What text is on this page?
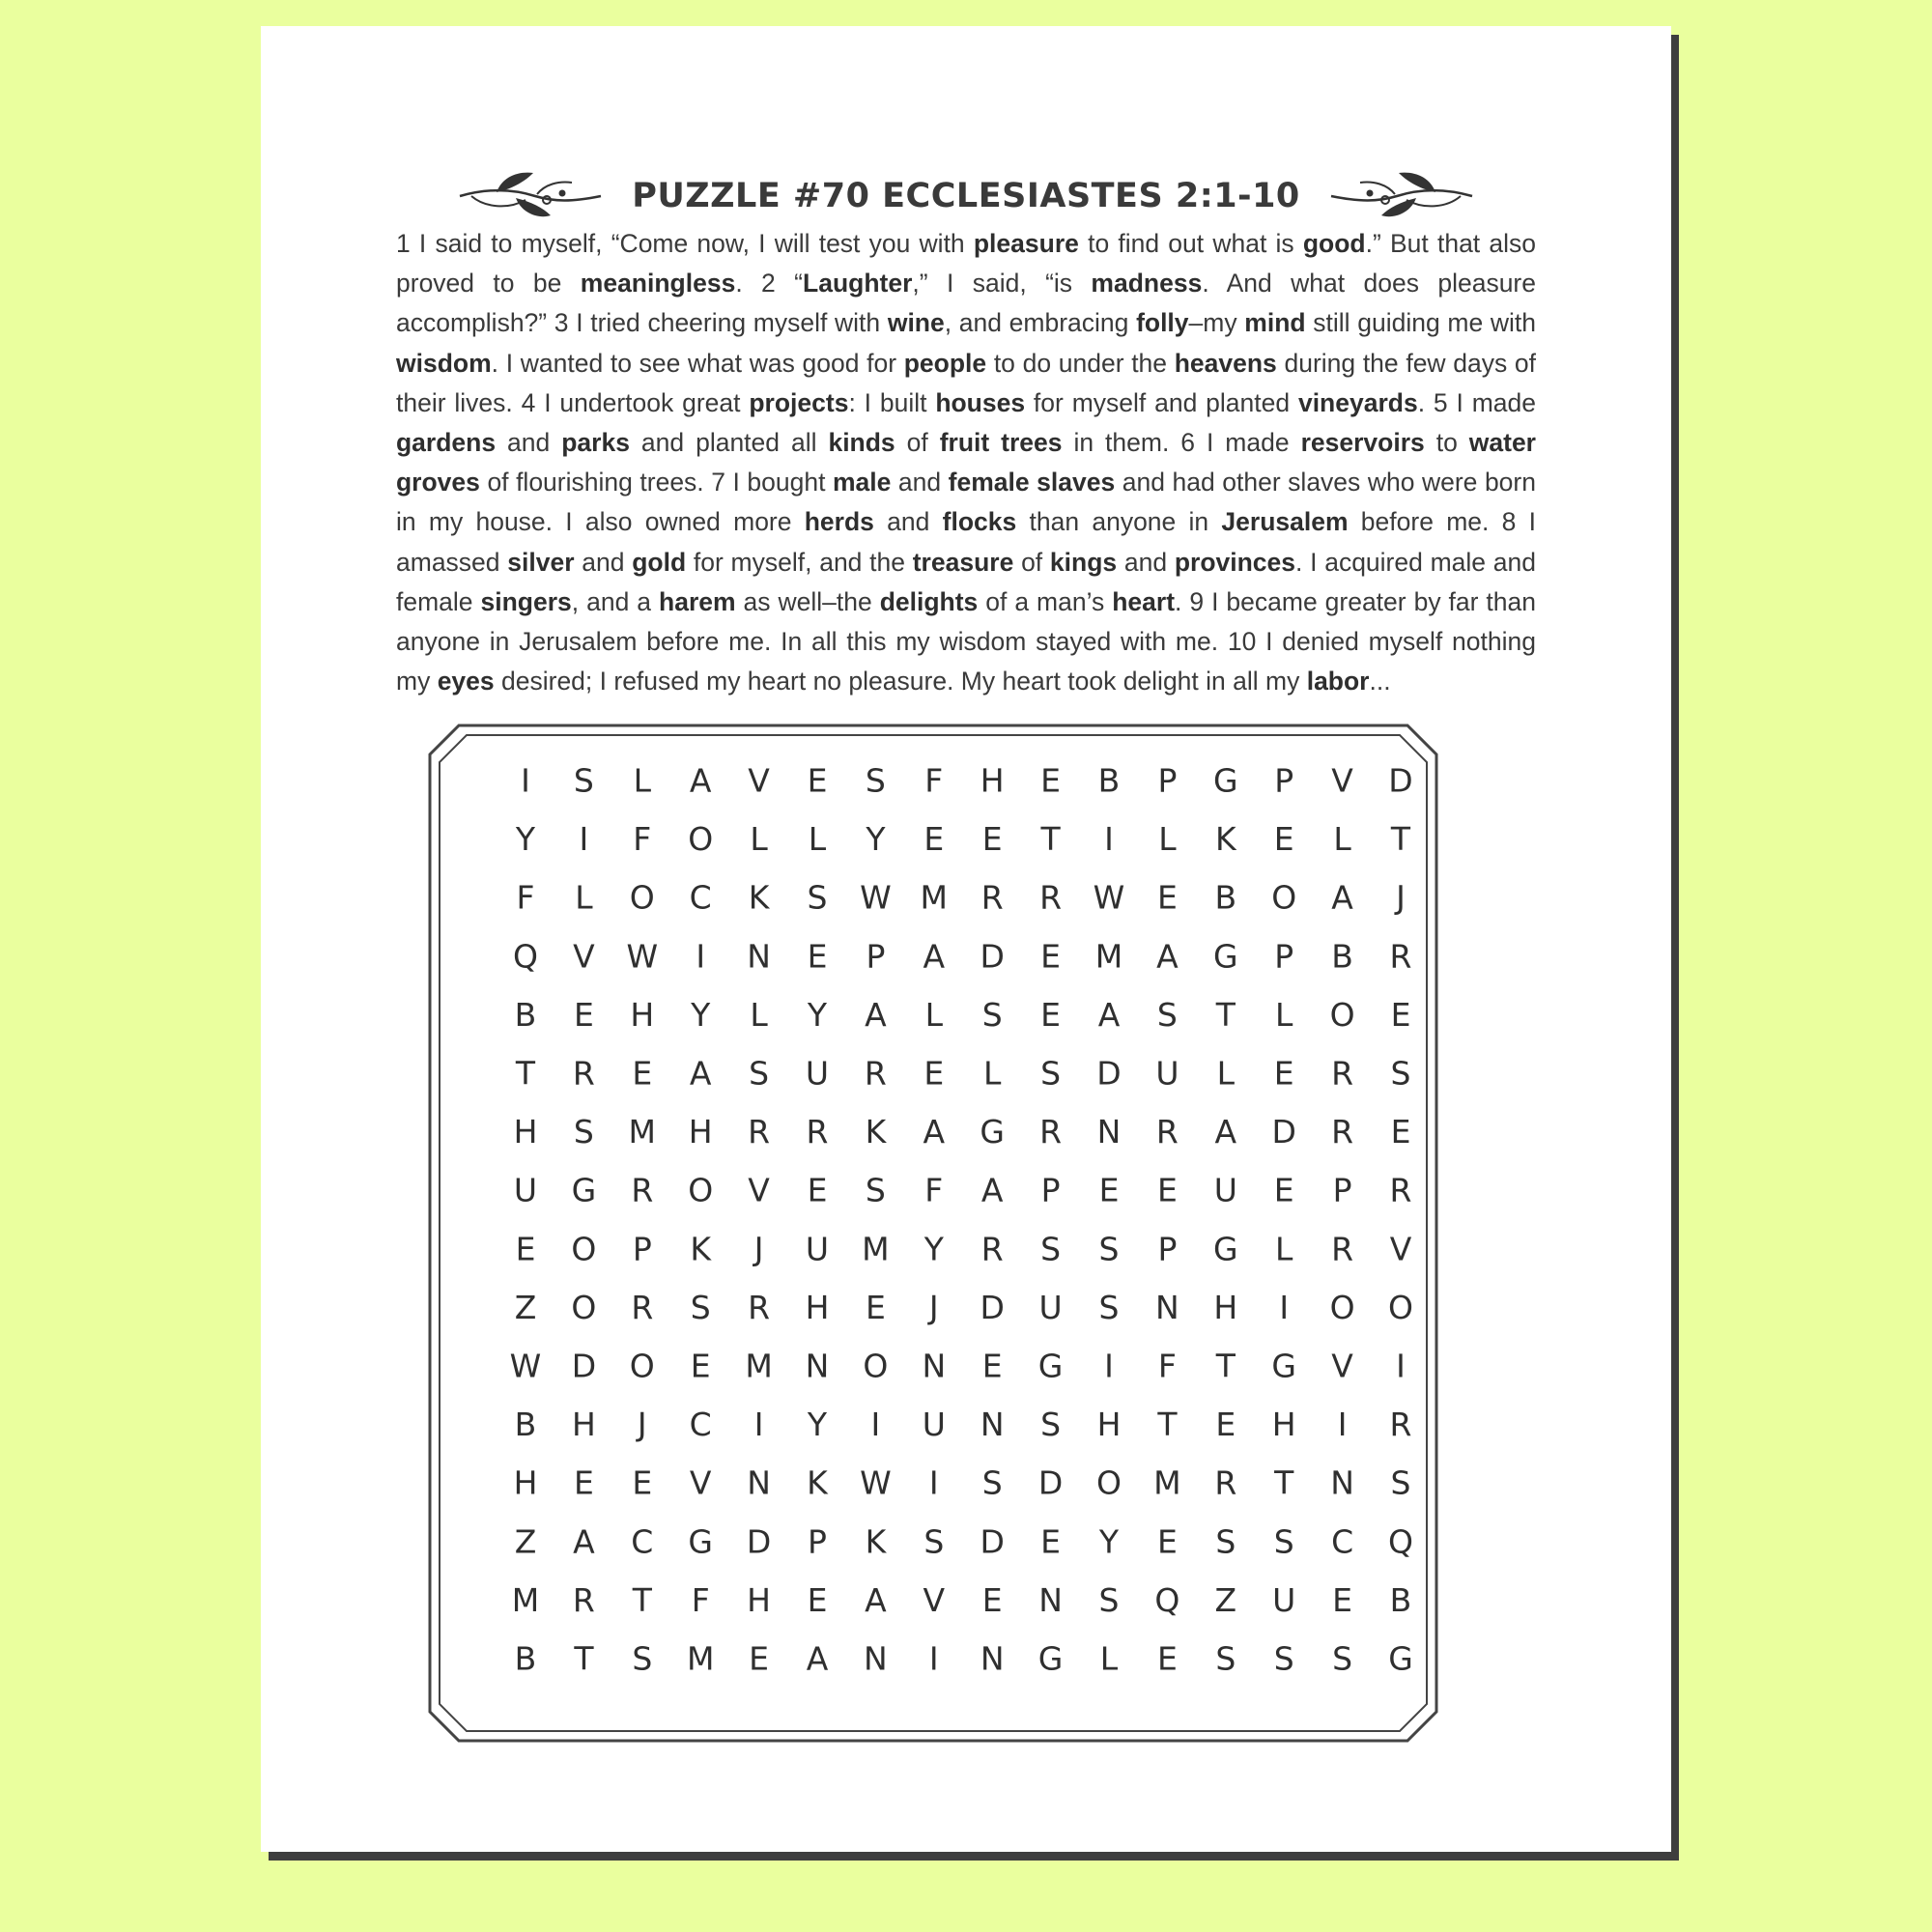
PUZZLE #70 ECCLESIASTES 2:1-10
1 I said to myself, “Come now, I will test you with pleasure to find out what is good.” But that also proved to be meaningless. 2 “Laughter,” I said, “is madness. And what does pleasure accomplish?” 3 I tried cheering myself with wine, and embracing folly–my mind still guiding me with wisdom. I wanted to see what was good for people to do under the heavens during the few days of their lives. 4 I undertook great projects: I built houses for myself and planted vineyards. 5 I made gardens and parks and planted all kinds of fruit trees in them. 6 I made reservoirs to water groves of flourishing trees. 7 I bought male and female slaves and had other slaves who were born in my house. I also owned more herds and flocks than anyone in Jerusalem before me. 8 I amassed silver and gold for myself, and the treasure of kings and provinces. I acquired male and female singers, and a harem as well–the delights of a man’s heart. 9 I became greater by far than anyone in Jerusalem before me. In all this my wisdom stayed with me. 10 I denied myself nothing my eyes desired; I refused my heart no pleasure. My heart took delight in all my labor...
I S L A V E S F H E B P G P V D
Y I F O L L Y E E T I L K E L T
F L O C K S W M R R W E B O A J
Q V W I N E P A D E M A G P B R
B E H Y L Y A L S E A S T L O E
T R E A S U R E L S D U L E R S
H S M H R R K A G R N R A D R E
U G R O V E S F A P E E U E P R
E O P K J U M Y R S S P G L R V
Z O R S R H E J D U S N H I O O
W D O E M N O N E G I F T G V I
B H J C I Y I U N S H T E H I R
H E E V N K W I S D O M R T N S
Z A C G D P K S D E Y E S S C Q
M R T F H E A V E N S Q Z U E B
B T S M E A N I N G L E S S S G
